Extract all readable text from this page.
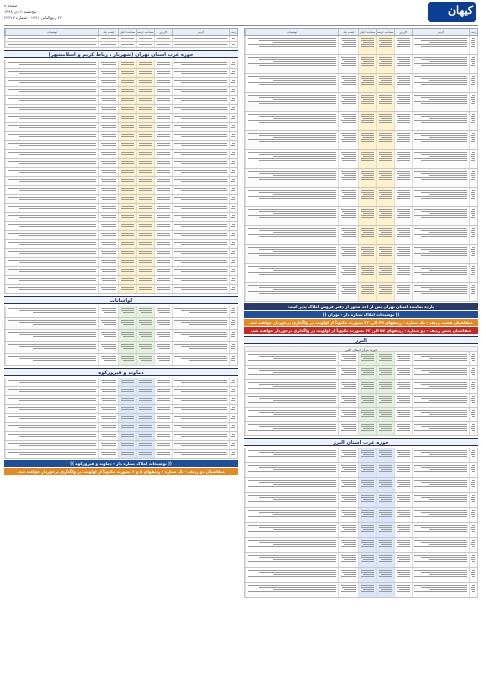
کیهان
صفحه ۸
پنج‌شنبه ۲ دی ۱۳۹۸
۲۲ ربیع‌الثانی ۱۴۴۱ - شماره ۲۲۳۱۷
ردیف
آدرس
کاربری
مساحت عرصه
مساحت اعیان
قیمت پایه
توضیحات
یازده نماینده استان تهران پس از اخذ مجوز از دفتر فروش املاک پذیر است
(( توضیحات املاک ستاره دار - تهران ))
متقاضیان هشت ردیف - تک ستاره - ردیفهای ۲۹ الی ۳۶ بصورت مکتوباً از اولویت در واگذاری برخوردار خواهند شد.
متقاضیان شش ردیف - دو ستاره - ردیفهای ۵۷ الی ۶۲ بصورت مکتوباً از اولویت در واگذاری برخوردار خواهند شد.
البرز
حوزه مرکز استان البرز
حوزه غرب استان البرز
ردیف
آدرس
کاربری
مساحت عرصه
مساحت اعیان
قیمت پایه
توضیحات
حوزه غرب استان تهران (شهریار ، رباط کریم و اسلامشهر)
لواسانات
دماوند و فیروزکوه
(( توضیحات املاک ستاره دار - دماوند و فیروزکوه ))
متقاضیان دو ردیف - تک ستاره - ردیفهای ۵ و ۶ بصورت مکتوباً از اولویت در واگذاری برخوردار خواهند شد.
